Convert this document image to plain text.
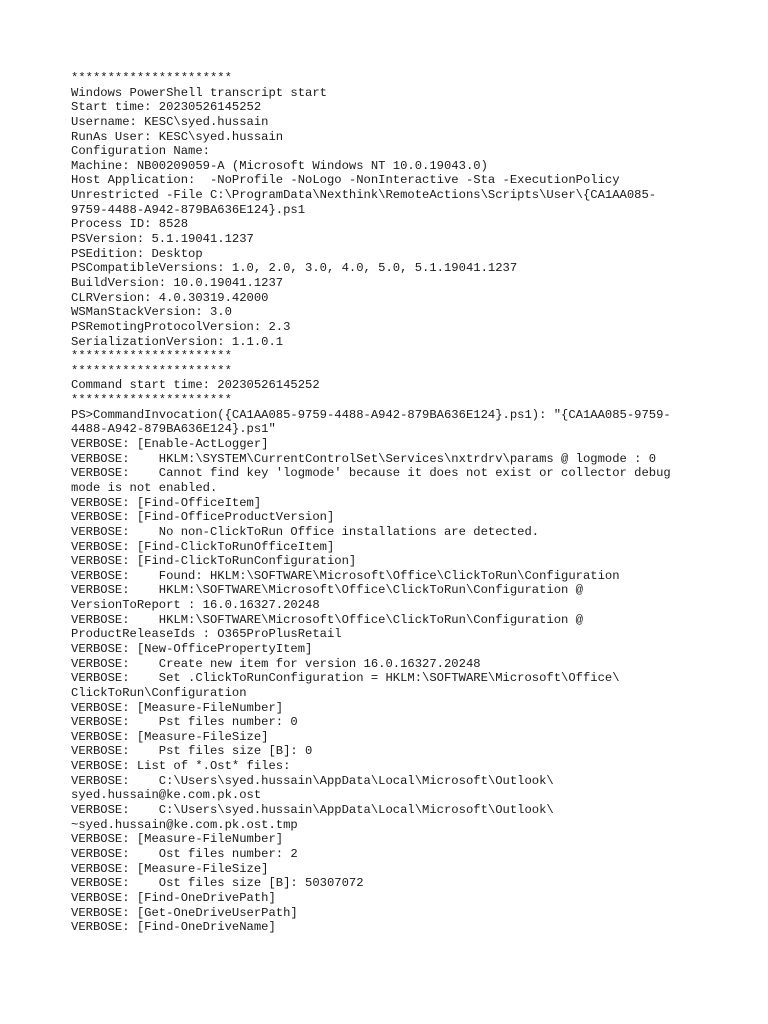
**********************
Windows PowerShell transcript start
Start time: 20230526145252
Username: KESC\syed.hussain
RunAs User: KESC\syed.hussain
Configuration Name:
Machine: NB00209059-A (Microsoft Windows NT 10.0.19043.0)
Host Application:  -NoProfile -NoLogo -NonInteractive -Sta -ExecutionPolicy
Unrestricted -File C:\ProgramData\Nexthink\RemoteActions\Scripts\User\{CA1AA085-
9759-4488-A942-879BA636E124}.ps1
Process ID: 8528
PSVersion: 5.1.19041.1237
PSEdition: Desktop
PSCompatibleVersions: 1.0, 2.0, 3.0, 4.0, 5.0, 5.1.19041.1237
BuildVersion: 10.0.19041.1237
CLRVersion: 4.0.30319.42000
WSManStackVersion: 3.0
PSRemotingProtocolVersion: 2.3
SerializationVersion: 1.1.0.1
**********************
**********************
Command start time: 20230526145252
**********************
PS>CommandInvocation({CA1AA085-9759-4488-A942-879BA636E124}.ps1): "{CA1AA085-9759-
4488-A942-879BA636E124}.ps1"
VERBOSE: [Enable-ActLogger]
VERBOSE:    HKLM:\SYSTEM\CurrentControlSet\Services\nxtrdrv\params @ logmode : 0
VERBOSE:    Cannot find key 'logmode' because it does not exist or collector debug
mode is not enabled.
VERBOSE: [Find-OfficeItem]
VERBOSE: [Find-OfficeProductVersion]
VERBOSE:    No non-ClickToRun Office installations are detected.
VERBOSE: [Find-ClickToRunOfficeItem]
VERBOSE: [Find-ClickToRunConfiguration]
VERBOSE:    Found: HKLM:\SOFTWARE\Microsoft\Office\ClickToRun\Configuration
VERBOSE:    HKLM:\SOFTWARE\Microsoft\Office\ClickToRun\Configuration @
VersionToReport : 16.0.16327.20248
VERBOSE:    HKLM:\SOFTWARE\Microsoft\Office\ClickToRun\Configuration @
ProductReleaseIds : O365ProPlusRetail
VERBOSE: [New-OfficePropertyItem]
VERBOSE:    Create new item for version 16.0.16327.20248
VERBOSE:    Set .ClickToRunConfiguration = HKLM:\SOFTWARE\Microsoft\Office\
ClickToRun\Configuration
VERBOSE: [Measure-FileNumber]
VERBOSE:    Pst files number: 0
VERBOSE: [Measure-FileSize]
VERBOSE:    Pst files size [B]: 0
VERBOSE: List of *.Ost* files:
VERBOSE:    C:\Users\syed.hussain\AppData\Local\Microsoft\Outlook\
syed.hussain@ke.com.pk.ost
VERBOSE:    C:\Users\syed.hussain\AppData\Local\Microsoft\Outlook\
~syed.hussain@ke.com.pk.ost.tmp
VERBOSE: [Measure-FileNumber]
VERBOSE:    Ost files number: 2
VERBOSE: [Measure-FileSize]
VERBOSE:    Ost files size [B]: 50307072
VERBOSE: [Find-OneDrivePath]
VERBOSE: [Get-OneDriveUserPath]
VERBOSE: [Find-OneDriveName]
